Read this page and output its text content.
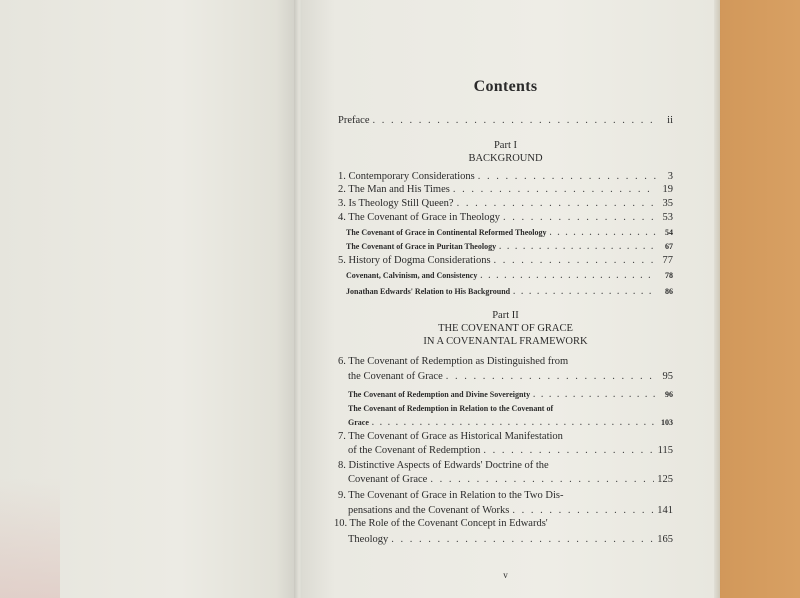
Contents
Preface . . .	ii
Part I
BACKGROUND
1. Contemporary Considerations . . .	3
2. The Man and His Times . . .	19
3. Is Theology Still Queen? . . .	35
4. The Covenant of Grace in Theology . . .	53
The Covenant of Grace in Continental Reformed Theology . . .	54
The Covenant of Grace in Puritan Theology . . .	67
5. History of Dogma Considerations . . .	77
Covenant, Calvinism, and Consistency . . .	78
Jonathan Edwards' Relation to His Background . . .	86
Part II
THE COVENANT OF GRACE
IN A COVENANTAL FRAMEWORK
6. The Covenant of Redemption as Distinguished from
the Covenant of Grace . . .	95
The Covenant of Redemption and Divine Sovereignty . . .	96
The Covenant of Redemption in Relation to the Covenant of
Grace . . .	103
7. The Covenant of Grace as Historical Manifestation
of the Covenant of Redemption . . .	115
8. Distinctive Aspects of Edwards' Doctrine of the
Covenant of Grace . . .	125
9. The Covenant of Grace in Relation to the Two Dis-
pensations and the Covenant of Works . . .	141
10. The Role of the Covenant Concept in Edwards'
Theology . . .	165
v
